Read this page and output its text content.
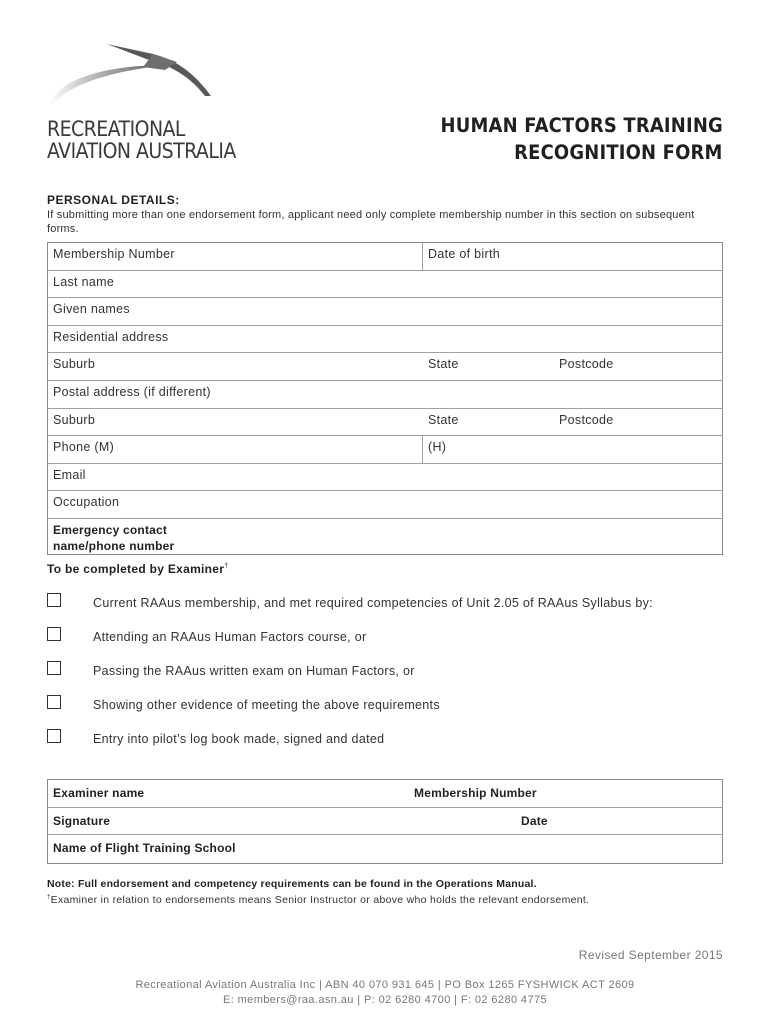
RECREATIONAL
AVIATION AUSTRALIA
HUMAN FACTORS TRAINING
RECOGNITION FORM
PERSONAL DETAILS:
If submitting more than one endorsement form, applicant need only complete membership number in this section on subsequent forms.
Membership Number	Date of birth
Last name
Given names
Residential address
Suburb	State	Postcode
Postal address (if different)
Suburb	State	Postcode
Phone (M)	(H)
Email
Occupation
Emergency contact
name/phone number
To be completed by Examiner†
Current RAAus membership, and met required competencies of Unit 2.05 of RAAus Syllabus by:
Attending an RAAus Human Factors course, or
Passing the RAAus written exam on Human Factors, or
Showing other evidence of meeting the above requirements
Entry into pilot’s log book made, signed and dated
Examiner name	Membership Number
Signature	Date
Name of Flight Training School
Note: Full endorsement and competency requirements can be found in the Operations Manual.
†Examiner in relation to endorsements means Senior Instructor or above who holds the relevant endorsement.
Revised September 2015
Recreational Aviation Australia Inc | ABN 40 070 931 645 | PO Box 1265 FYSHWICK ACT 2609
E: members@raa.asn.au | P: 02 6280 4700 | F: 02 6280 4775
